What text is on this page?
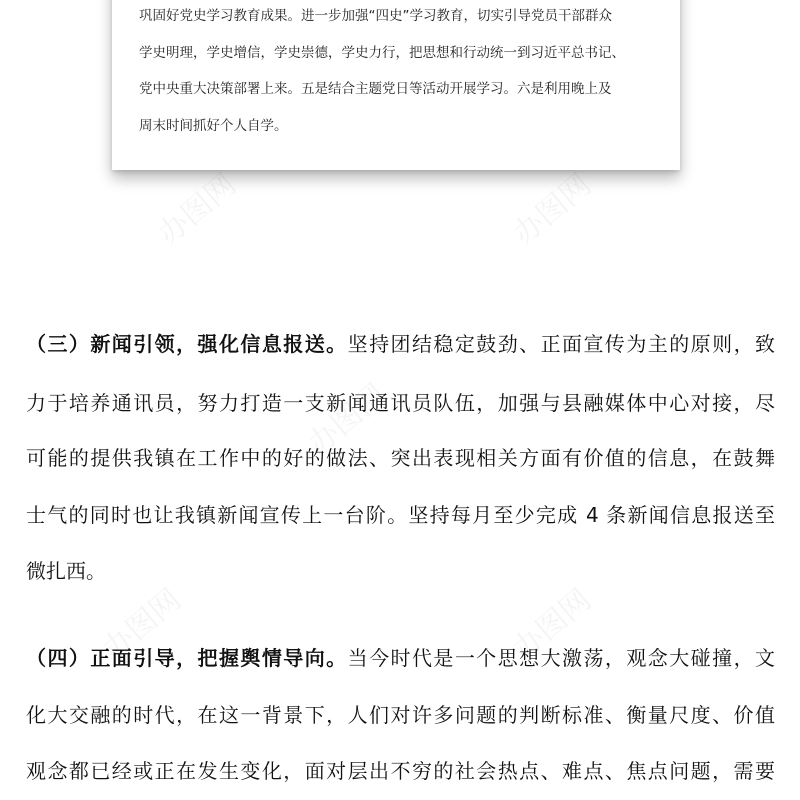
巩固好党史学习教育成果。进一步加强“四史”学习教育，切实引导党员干部群众
学史明理，学史增信，学史崇德，学史力行，把思想和行动统一到习近平总书记、
党中央重大决策部署上来。五是结合主题党日等活动开展学习。六是利用晚上及
周末时间抓好个人自学。
（三）新闻引领，强化信息报送。坚持团结稳定鼓劲、正面宣传为主的原则，致
力于培养通讯员，努力打造一支新闻通讯员队伍，加强与县融媒体中心对接，尽
可能的提供我镇在工作中的好的做法、突出表现相关方面有价值的信息，在鼓舞
士气的同时也让我镇新闻宣传上一台阶。坚持每月至少完成 4 条新闻信息报送至
微扎西。
（四）正面引导，把握舆情导向。当今时代是一个思想大激荡，观念大碰撞，文
化大交融的时代，在这一背景下，人们对许多问题的判断标准、衡量尺度、价值
观念都已经或正在发生变化，面对层出不穷的社会热点、难点、焦点问题，需要
